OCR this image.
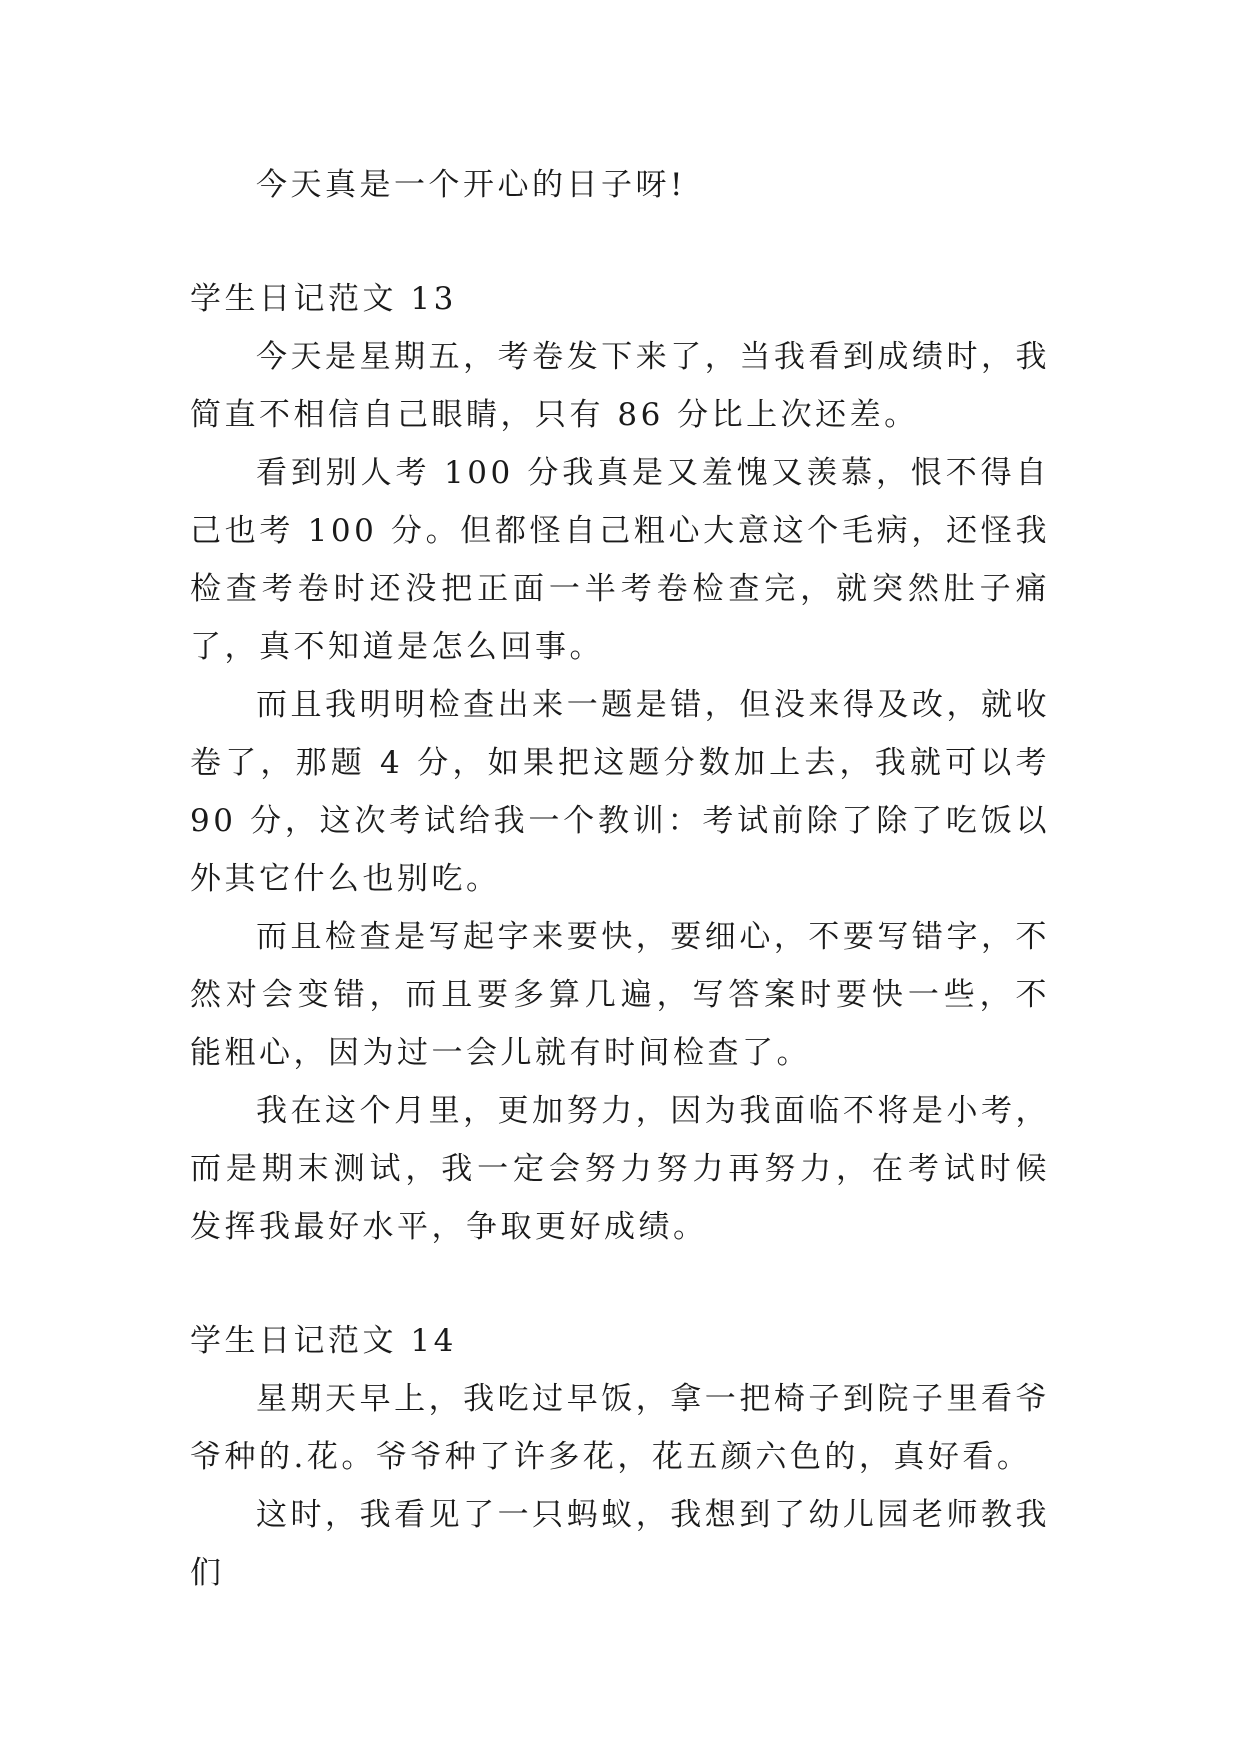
今天真是一个开心的日子呀!

学生日记范文 13

今天是星期五，考卷发下来了，当我看到成绩时，我简直不相信自己眼睛，只有 86 分比上次还差。

看到别人考 100 分我真是又羞愧又羡慕，恨不得自己也考 100 分。但都怪自己粗心大意这个毛病，还怪我检查考卷时还没把正面一半考卷检查完，就突然肚子痛了，真不知道是怎么回事。

而且我明明检查出来一题是错，但没来得及改，就收卷了，那题 4 分，如果把这题分数加上去，我就可以考 90 分，这次考试给我一个教训：考试前除了除了吃饭以外其它什么也别吃。

而且检查是写起字来要快，要细心，不要写错字，不然对会变错，而且要多算几遍，写答案时要快一些，不能粗心，因为过一会儿就有时间检查了。

我在这个月里，更加努力，因为我面临不将是小考，而是期末测试，我一定会努力努力再努力，在考试时候发挥我最好水平，争取更好成绩。

学生日记范文 14

星期天早上，我吃过早饭，拿一把椅子到院子里看爷爷种的.花。爷爷种了许多花，花五颜六色的，真好看。

这时，我看见了一只蚂蚁，我想到了幼儿园老师教我们
